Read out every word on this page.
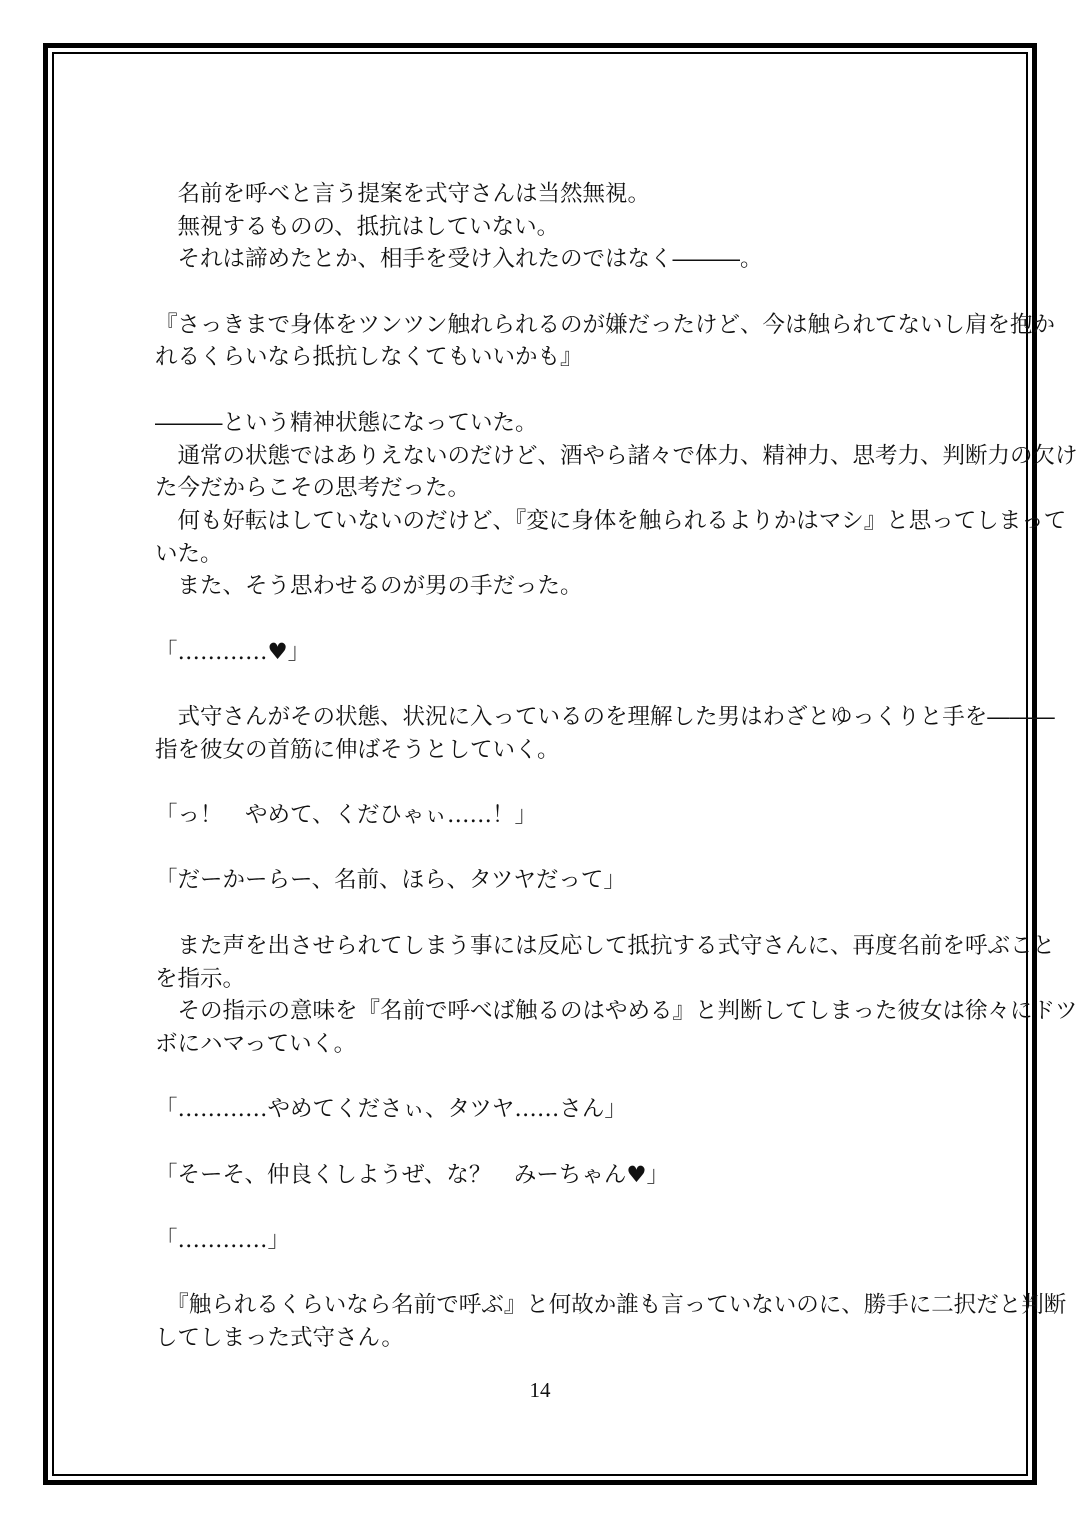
　名前を呼べと言う提案を式守さんは当然無視。
　無視するものの、抵抗はしていない。
　それは諦めたとか、相手を受け入れたのではなく―――。
『さっきまで身体をツンツン触れられるのが嫌だったけど、今は触られてないし肩を抱か
れるくらいなら抵抗しなくてもいいかも』
―――という精神状態になっていた。
　通常の状態ではありえないのだけど、酒やら諸々で体力、精神力、思考力、判断力の欠け
た今だからこその思考だった。
　何も好転はしていないのだけど、『変に身体を触られるよりかはマシ』と思ってしまって
いた。
　また、そう思わせるのが男の手だった。
「…………♥」
　式守さんがその状態、状況に入っているのを理解した男はわざとゆっくりと手を―――
指を彼女の首筋に伸ばそうとしていく。
「っ！　やめて、くだひゃぃ……！」
「だーかーらー、名前、ほら、タツヤだって」
　また声を出させられてしまう事には反応して抵抗する式守さんに、再度名前を呼ぶこと
を指示。
　その指示の意味を『名前で呼べば触るのはやめる』と判断してしまった彼女は徐々にドツ
ボにハマっていく。
「…………やめてくださぃ、タツヤ……さん」
「そーそ、仲良くしようぜ、な？　みーちゃん♥」
「…………」
　『触られるくらいなら名前で呼ぶ』と何故か誰も言っていないのに、勝手に二択だと判断
してしまった式守さん。
14
